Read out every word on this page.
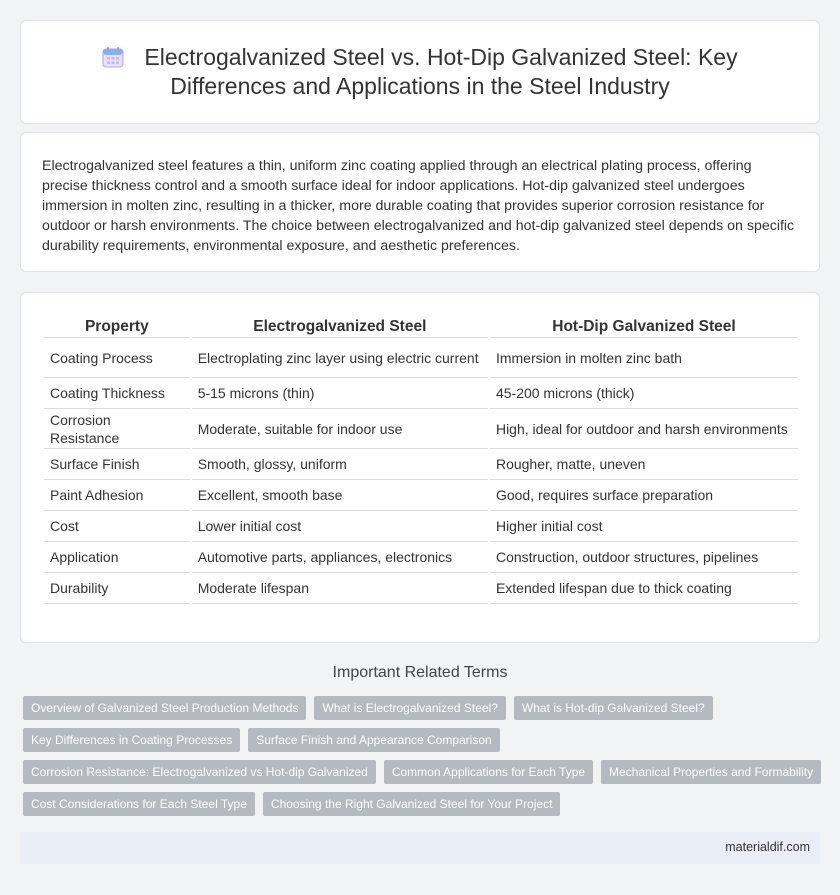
Electrogalvanized Steel vs. Hot-Dip Galvanized Steel: Key
Differences and Applications in the Steel Industry

Electrogalvanized steel features a thin, uniform zinc coating applied through an electrical plating process, offering precise thickness control and a smooth surface ideal for indoor applications. Hot-dip galvanized steel undergoes immersion in molten zinc, resulting in a thicker, more durable coating that provides superior corrosion resistance for outdoor or harsh environments. The choice between electrogalvanized and hot-dip galvanized steel depends on specific durability requirements, environmental exposure, and aesthetic preferences.

Property	Electrogalvanized Steel	Hot-Dip Galvanized Steel
Coating Process	Electroplating zinc layer using electric current	Immersion in molten zinc bath
Coating Thickness	5-15 microns (thin)	45-200 microns (thick)
Corrosion Resistance	Moderate, suitable for indoor use	High, ideal for outdoor and harsh environments
Surface Finish	Smooth, glossy, uniform	Rougher, matte, uneven
Paint Adhesion	Excellent, smooth base	Good, requires surface preparation
Cost	Lower initial cost	Higher initial cost
Application	Automotive parts, appliances, electronics	Construction, outdoor structures, pipelines
Durability	Moderate lifespan	Extended lifespan due to thick coating
Important Related Terms
Overview of Galvanized Steel Production Methods	What is Electrogalvanized Steel?	What is Hot-dip Galvanized Steel?
Key Differences in Coating Processes	Surface Finish and Appearance Comparison
Corrosion Resistance: Electrogalvanized vs Hot-dip Galvanized	Common Applications for Each Type	Mechanical Properties and Formability
Cost Considerations for Each Steel Type	Choosing the Right Galvanized Steel for Your Project
materialdif.com
